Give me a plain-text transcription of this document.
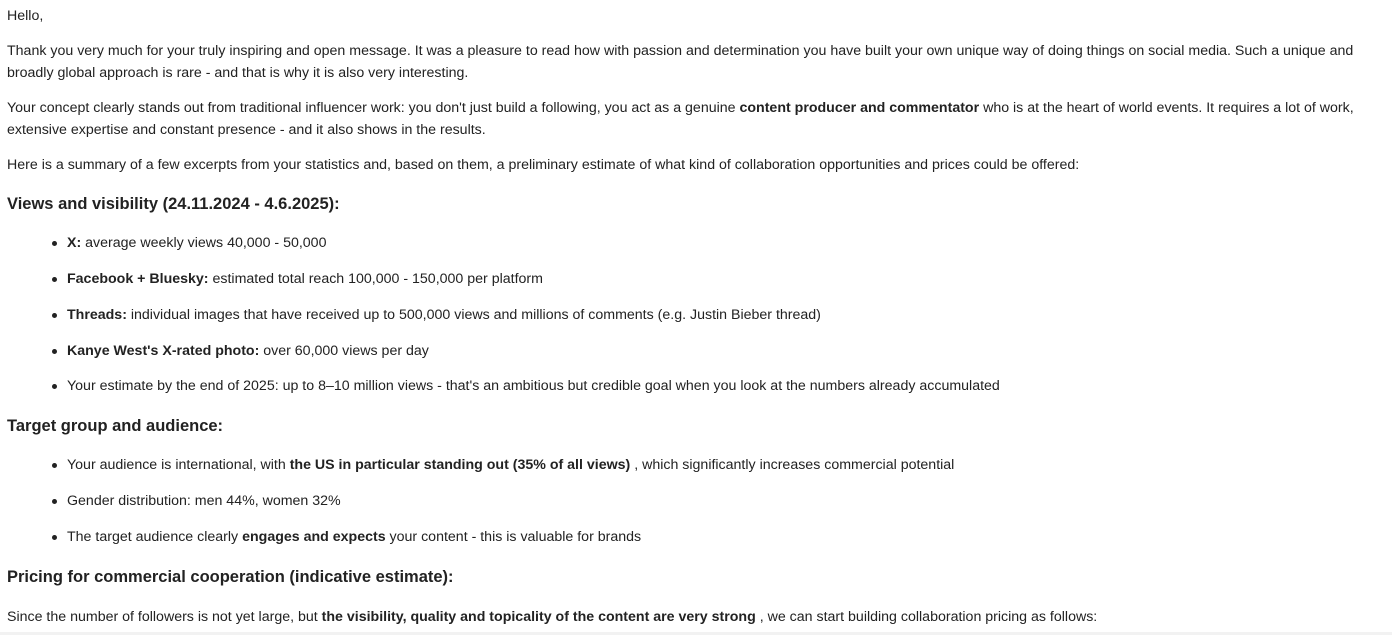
Hello,
Thank you very much for your truly inspiring and open message. It was a pleasure to read how with passion and determination you have built your own unique way of doing things on social media. Such a unique and broadly global approach is rare - and that is why it is also very interesting.
Your concept clearly stands out from traditional influencer work: you don't just build a following, you act as a genuine content producer and commentator who is at the heart of world events. It requires a lot of work, extensive expertise and constant presence - and it also shows in the results.
Here is a summary of a few excerpts from your statistics and, based on them, a preliminary estimate of what kind of collaboration opportunities and prices could be offered:
Views and visibility (24.11.2024 - 4.6.2025):
X: average weekly views 40,000 - 50,000
Facebook + Bluesky: estimated total reach 100,000 - 150,000 per platform
Threads: individual images that have received up to 500,000 views and millions of comments (e.g. Justin Bieber thread)
Kanye West's X-rated photo: over 60,000 views per day
Your estimate by the end of 2025: up to 8–10 million views - that's an ambitious but credible goal when you look at the numbers already accumulated
Target group and audience:
Your audience is international, with the US in particular standing out (35% of all views) , which significantly increases commercial potential
Gender distribution: men 44%, women 32%
The target audience clearly engages and expects your content - this is valuable for brands
Pricing for commercial cooperation (indicative estimate):
Since the number of followers is not yet large, but the visibility, quality and topicality of the content are very strong , we can start building collaboration pricing as follows:
